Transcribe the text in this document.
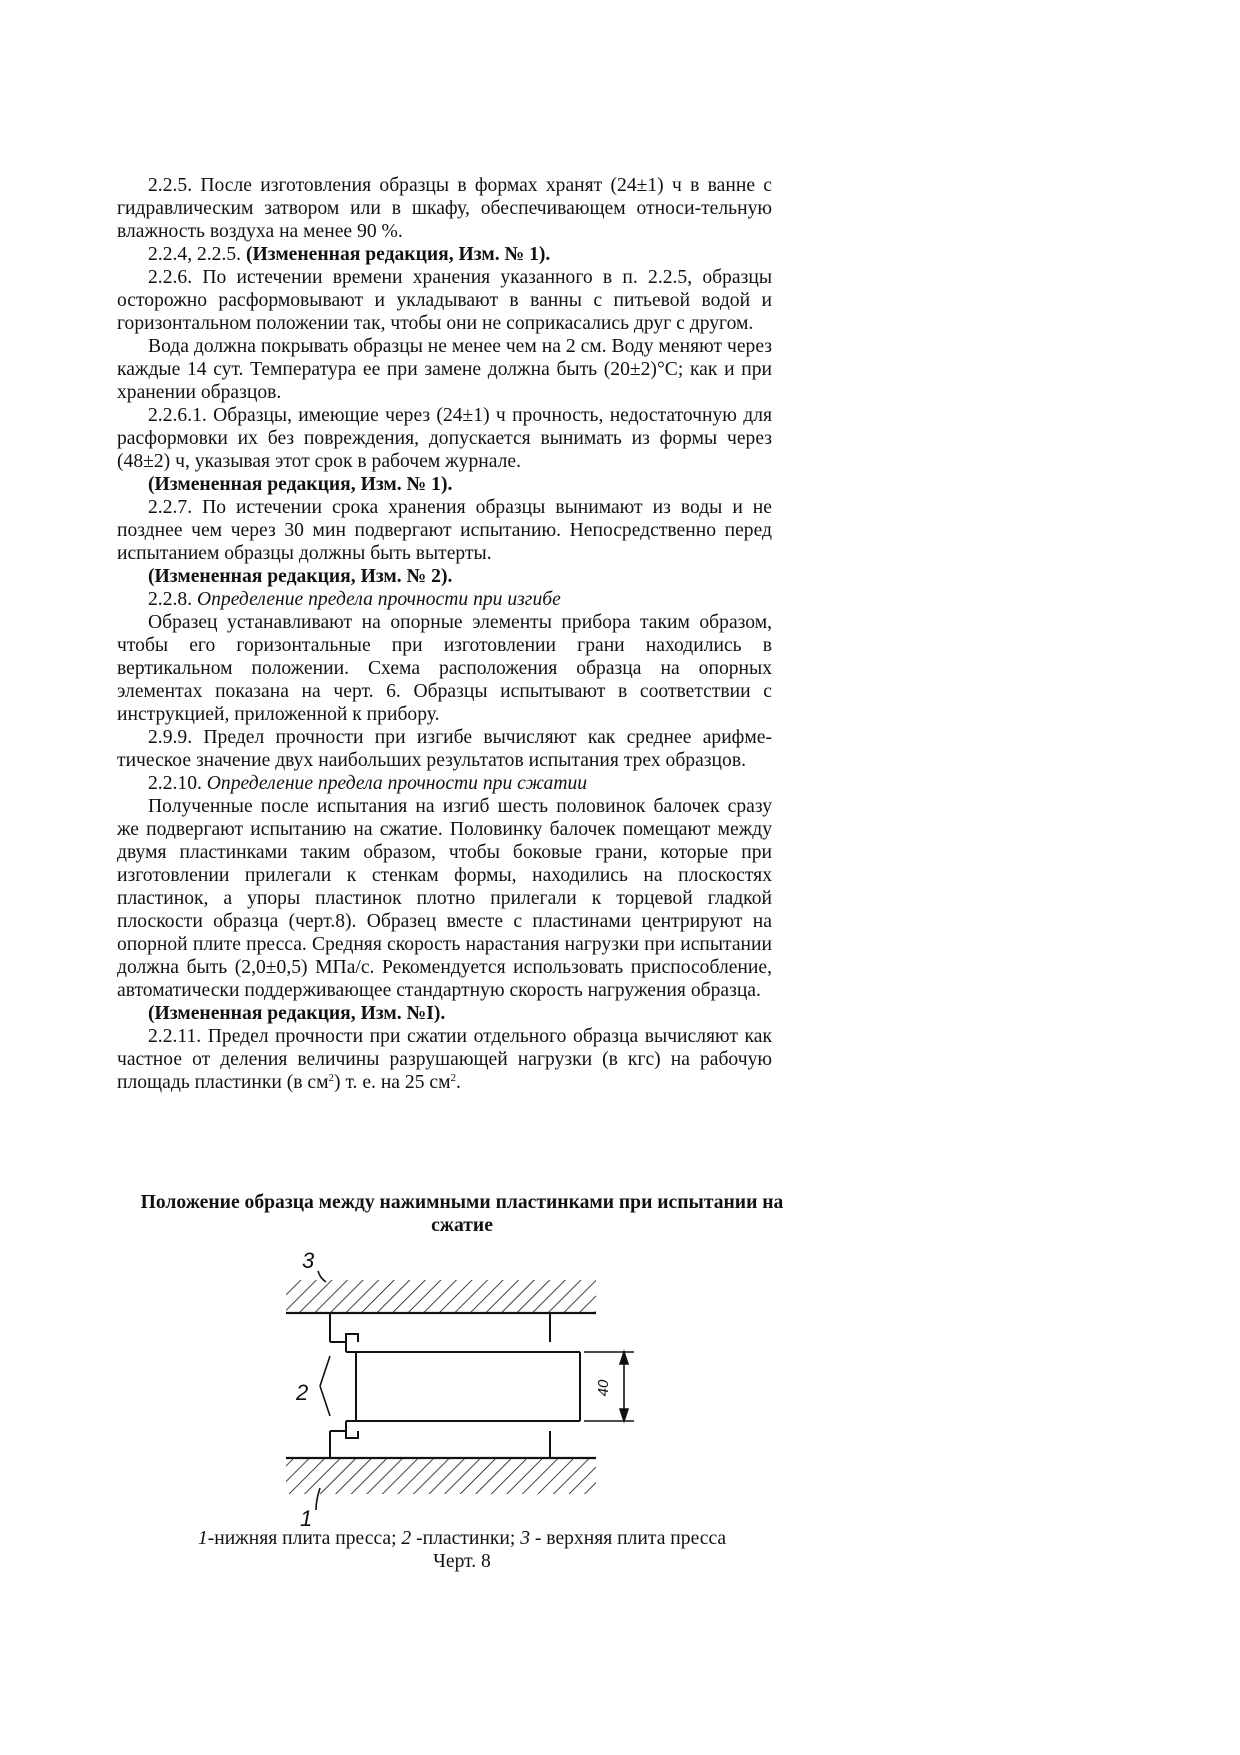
2.2.5. После изготовления образцы в формах хранят (24±1) ч в ванне с гидравлическим затвором или в шкафу, обеспечивающем относи-тельную влажность воздуха на менее 90 %.

2.2.4, 2.2.5. (Измененная редакция, Изм. № 1).

2.2.6. По истечении времени хранения указанного в п. 2.2.5, образцы осторожно расформовывают и укладывают в ванны с питьевой водой и горизонтальном положении так, чтобы они не соприкасались друг с другом.

Вода должна покрывать образцы не менее чем на 2 см. Воду меняют через каждые 14 сут. Температура ее при замене должна быть (20±2)°С; как и при хранении образцов.

2.2.6.1. Образцы, имеющие через (24±1) ч прочность, недостаточную для расформовки их без повреждения, допускается вынимать из формы через (48±2) ч, указывая этот срок в рабочем журнале.

(Измененная редакция, Изм. № 1).

2.2.7. По истечении срока хранения образцы вынимают из воды и не позднее чем через 30 мин подвергают испытанию. Непосредственно перед испытанием образцы должны быть вытерты.

(Измененная редакция, Изм. № 2).

2.2.8. Определение предела прочности при изгибе

Образец устанавливают на опорные элементы прибора таким образом, чтобы его горизонтальные при изготовлении грани находились в вертикальном положении. Схема расположения образца на опорных элементах показана на черт. 6. Образцы испытывают в соответствии с инструкцией, приложенной к прибору.

2.9.9. Предел прочности при изгибе вычисляют как среднее арифме-тическое значение двух наибольших результатов испытания трех образцов.

2.2.10. Определение предела прочности при сжатии

Полученные после испытания на изгиб шесть половинок балочек сразу же подвергают испытанию на сжатие. Половинку балочек помещают между двумя пластинками таким образом, чтобы боковые грани, которые при изготовлении прилегали к стенкам формы, находились на плоскостях пластинок, а упоры пластинок плотно прилегали к торцевой гладкой плоскости образца (черт.8). Образец вместе с пластинами центрируют на опорной плите пресса. Средняя скорость нарастания нагрузки при испытании должна быть (2,0±0,5) МПа/с. Рекомендуется использовать приспособление, автоматически поддерживающее стандартную скорость нагружения образца.

(Измененная редакция, Изм. №I).

2.2.11. Предел прочности при сжатии отдельного образца вычисляют как частное от деления величины разрушающей нагрузки (в кгс) на рабочую площадь пластинки (в $см^2$) т. е. на 25 $см^2$.

Положение образца между нажимными пластинками при испытании на сжатие
40
3
2
1
1-нижняя плита пресса; 2 -пластинки; 3 - верхняя плита пресса
Черт. 8
